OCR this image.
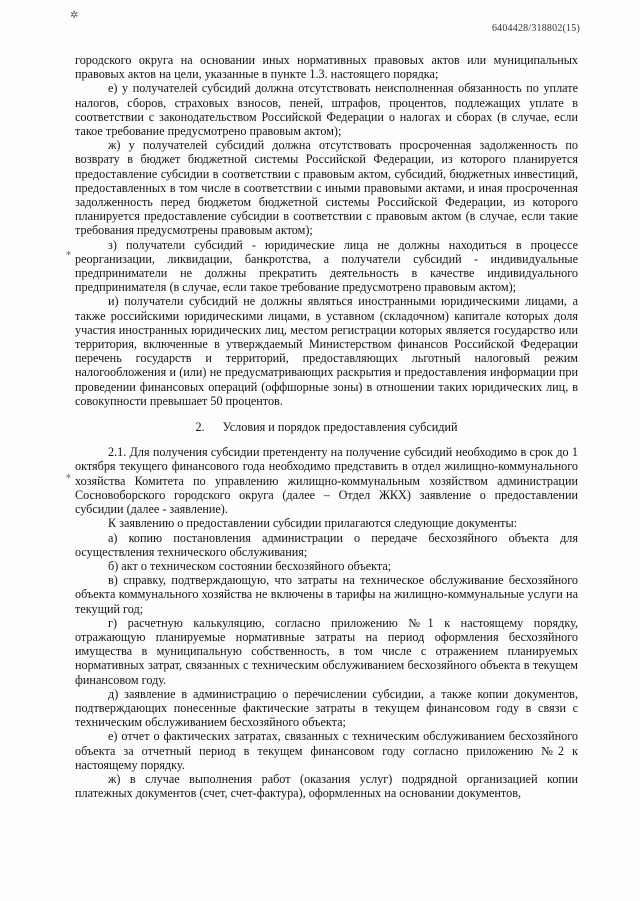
✲
6404428/318802(15)

городского округа на основании иных нормативных правовых актов или муниципальных правовых актов на цели, указанные в пункте 1.3. настоящего порядка;

е) у получателей субсидий должна отсутствовать неисполненная обязанность по уплате налогов, сборов, страховых взносов, пеней, штрафов, процентов, подлежащих уплате в соответствии с законодательством Российской Федерации о налогах и сборах (в случае, если такое требование предусмотрено правовым актом);

ж) у получателей субсидий должна отсутствовать просроченная задолженность по возврату в бюджет бюджетной системы Российской Федерации, из которого планируется предоставление субсидии в соответствии с правовым актом, субсидий, бюджетных инвестиций, предоставленных в том числе в соответствии с иными правовыми актами, и иная просроченная задолженность перед бюджетом бюджетной системы Российской Федерации, из которого планируется предоставление субсидии в соответствии с правовым актом (в случае, если такие требования предусмотрены правовым актом);

з) получатели субсидий - юридические лица не должны находиться в процессе реорганизации, ликвидации, банкротства, а получатели субсидий - индивидуальные предприниматели не должны прекратить деятельность в качестве индивидуального предпринимателя (в случае, если такое требование предусмотрено правовым актом);

и) получатели субсидий не должны являться иностранными юридическими лицами, а также российскими юридическими лицами, в уставном (складочном) капитале которых доля участия иностранных юридических лиц, местом регистрации которых является государство или территория, включенные в утверждаемый Министерством финансов Российской Федерации перечень государств и территорий, предоставляющих льготный налоговый режим налогообложения и (или) не предусматривающих раскрытия и предоставления информации при проведении финансовых операций (оффшорные зоны) в отношении таких юридических лиц, в совокупности превышает 50 процентов.

2. Условия и порядок предоставления субсидий

2.1. Для получения субсидии претенденту на получение субсидий необходимо в срок до 1 октября текущего финансового года необходимо представить в отдел жилищно-коммунального хозяйства Комитета по управлению жилищно-коммунальным хозяйством администрации Сосновоборского городского округа (далее – Отдел ЖКХ) заявление о предоставлении субсидии (далее - заявление).

К заявлению о предоставлении субсидии прилагаются следующие документы:

а) копию постановления администрации о передаче бесхозяйного объекта для осуществления технического обслуживания;

б) акт о техническом состоянии бесхозяйного объекта;

в) справку, подтверждающую, что затраты на техническое обслуживание бесхозяйного объекта коммунального хозяйства не включены в тарифы на жилищно-коммунальные услуги на текущий год;

г) расчетную калькуляцию, согласно приложению №1 к настоящему порядку, отражающую планируемые нормативные затраты на период оформления бесхозяйного имущества в муниципальную собственность, в том числе с отражением планируемых нормативных затрат, связанных с техническим обслуживанием бесхозяйного объекта в текущем финансовом году.

д) заявление в администрацию о перечислении субсидии, а также копии документов, подтверждающих понесенные фактические затраты в текущем финансовом году в связи с техническим обслуживанием бесхозяйного объекта;

е) отчет о фактических затратах, связанных с техническим обслуживанием бесхозяйного объекта за отчетный период в текущем финансовом году согласно приложению №2 к настоящему порядку.

ж) в случае выполнения работ (оказания услуг) подрядной организацией копии платежных документов (счет, счет-фактура), оформленных на основании документов,

⁎
⁎
